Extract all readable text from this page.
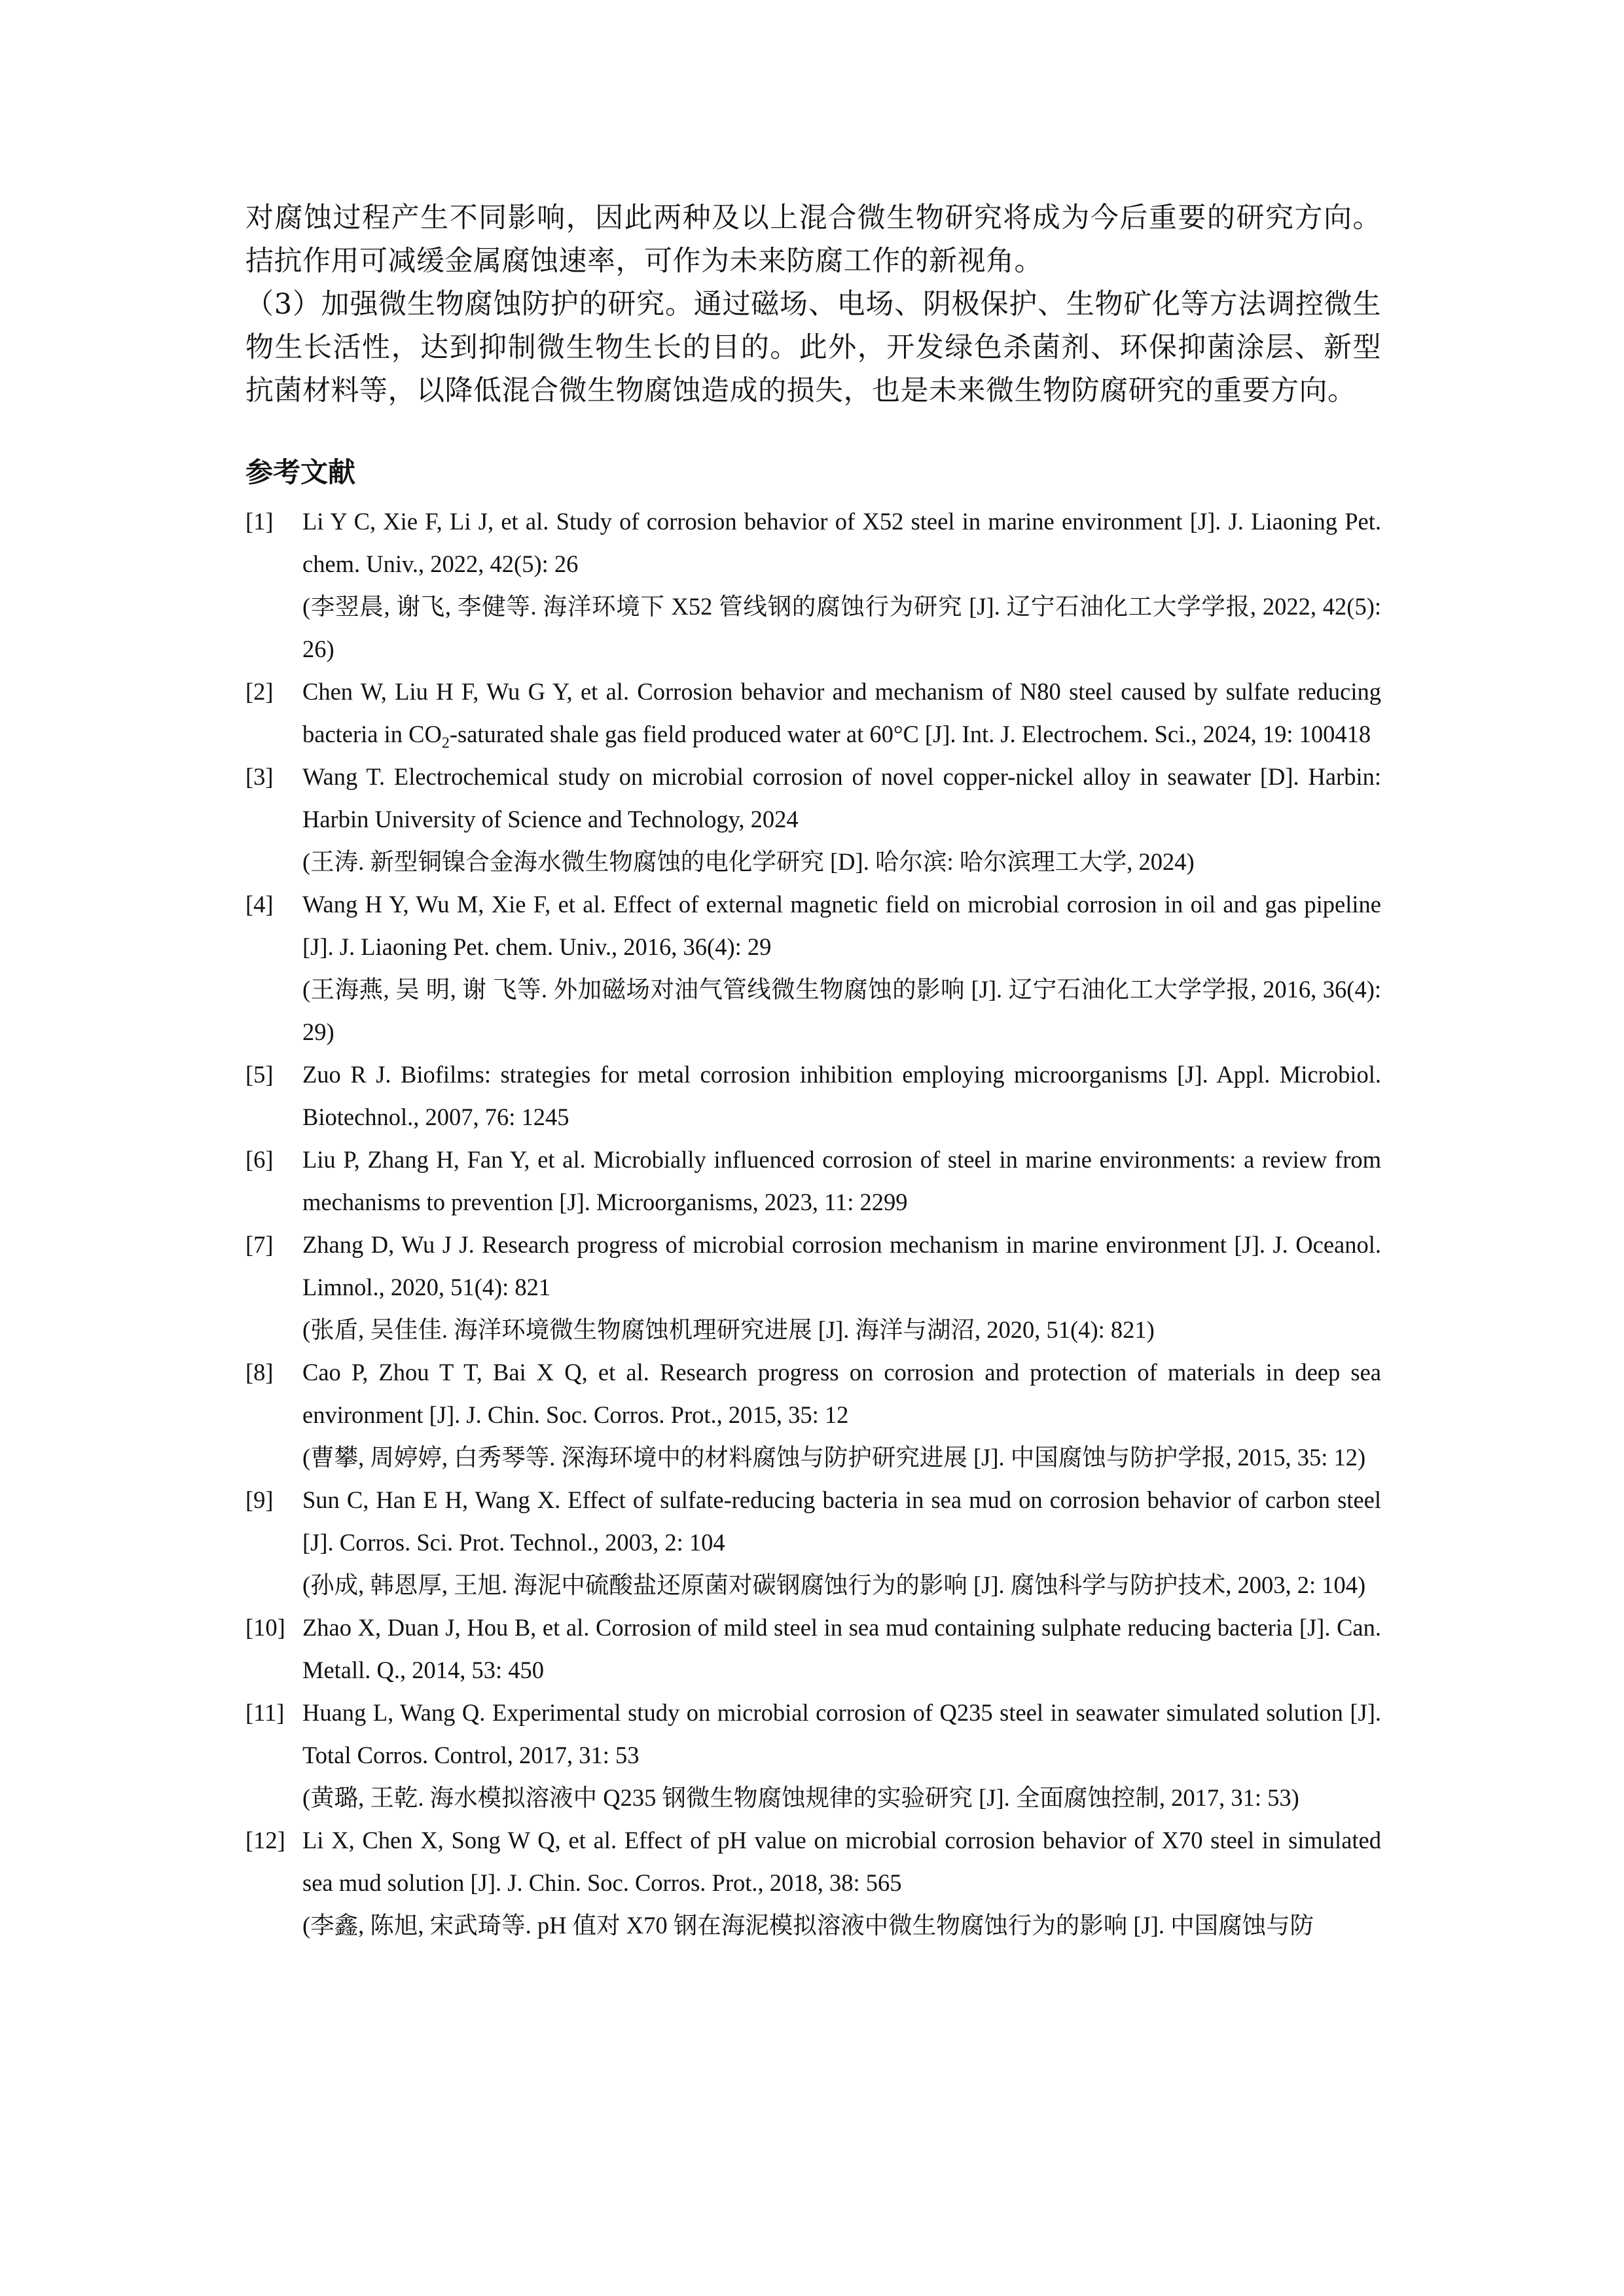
对腐蚀过程产生不同影响，因此两种及以上混合微生物研究将成为今后重要的研究方向。拮抗作用可减缓金属腐蚀速率，可作为未来防腐工作的新视角。

（3）加强微生物腐蚀防护的研究。通过磁场、电场、阴极保护、生物矿化等方法调控微生物生长活性，达到抑制微生物生长的目的。此外，开发绿色杀菌剂、环保抑菌涂层、新型抗菌材料等，以降低混合微生物腐蚀造成的损失，也是未来微生物防腐研究的重要方向。

参考文献
[1]	Li Y C, Xie F, Li J, et al. Study of corrosion behavior of X52 steel in marine environment [J]. J. Liaoning Pet. chem. Univ., 2022, 42(5): 26

(李翌晨, 谢飞, 李健等. 海洋环境下 X52 管线钢的腐蚀行为研究 [J]. 辽宁石油化工大学学报, 2022, 42(5): 26)

[2]	Chen W, Liu H F, Wu G Y, et al. Corrosion behavior and mechanism of N80 steel caused by sulfate reducing bacteria in $CO_2$-saturated shale gas field produced water at 60°C [J]. Int. J. Electrochem. Sci., 2024, 19: 100418

[3]	Wang T. Electrochemical study on microbial corrosion of novel copper-nickel alloy in seawater [D]. Harbin: Harbin University of Science and Technology, 2024

(王涛. 新型铜镍合金海水微生物腐蚀的电化学研究 [D]. 哈尔滨: 哈尔滨理工大学, 2024)

[4]	Wang H Y, Wu M, Xie F, et al. Effect of external magnetic field on microbial corrosion in oil and gas pipeline [J]. J. Liaoning Pet. chem. Univ., 2016, 36(4): 29

(王海燕, 吴 明, 谢 飞等. 外加磁场对油气管线微生物腐蚀的影响 [J]. 辽宁石油化工大学学报, 2016, 36(4): 29)

[5]	Zuo R J. Biofilms: strategies for metal corrosion inhibition employing microorganisms [J]. Appl. Microbiol. Biotechnol., 2007, 76: 1245

[6]	Liu P, Zhang H, Fan Y, et al. Microbially influenced corrosion of steel in marine environments: a review from mechanisms to prevention [J]. Microorganisms, 2023, 11: 2299

[7]	Zhang D, Wu J J. Research progress of microbial corrosion mechanism in marine environment [J]. J. Oceanol. Limnol., 2020, 51(4): 821

(张盾, 吴佳佳. 海洋环境微生物腐蚀机理研究进展 [J]. 海洋与湖沼, 2020, 51(4): 821)

[8]	Cao P, Zhou T T, Bai X Q, et al. Research progress on corrosion and protection of materials in deep sea environment [J]. J. Chin. Soc. Corros. Prot., 2015, 35: 12

(曹攀, 周婷婷, 白秀琴等. 深海环境中的材料腐蚀与防护研究进展 [J]. 中国腐蚀与防护学报, 2015, 35: 12)

[9]	Sun C, Han E H, Wang X. Effect of sulfate-reducing bacteria in sea mud on corrosion behavior of carbon steel [J]. Corros. Sci. Prot. Technol., 2003, 2: 104

(孙成, 韩恩厚, 王旭. 海泥中硫酸盐还原菌对碳钢腐蚀行为的影响 [J]. 腐蚀科学与防护技术, 2003, 2: 104)

[10] Zhao X, Duan J, Hou B, et al. Corrosion of mild steel in sea mud containing sulphate reducing bacteria [J]. Can. Metall. Q., 2014, 53: 450

[11] Huang L, Wang Q. Experimental study on microbial corrosion of Q235 steel in seawater simulated solution [J]. Total Corros. Control, 2017, 31: 53

(黄璐, 王乾. 海水模拟溶液中 Q235 钢微生物腐蚀规律的实验研究 [J]. 全面腐蚀控制, 2017, 31: 53)

[12] Li X, Chen X, Song W Q, et al. Effect of pH value on microbial corrosion behavior of X70 steel in simulated sea mud solution [J]. J. Chin. Soc. Corros. Prot., 2018, 38: 565

(李鑫, 陈旭, 宋武琦等. pH 值对 X70 钢在海泥模拟溶液中微生物腐蚀行为的影响 [J]. 中国腐蚀与防
